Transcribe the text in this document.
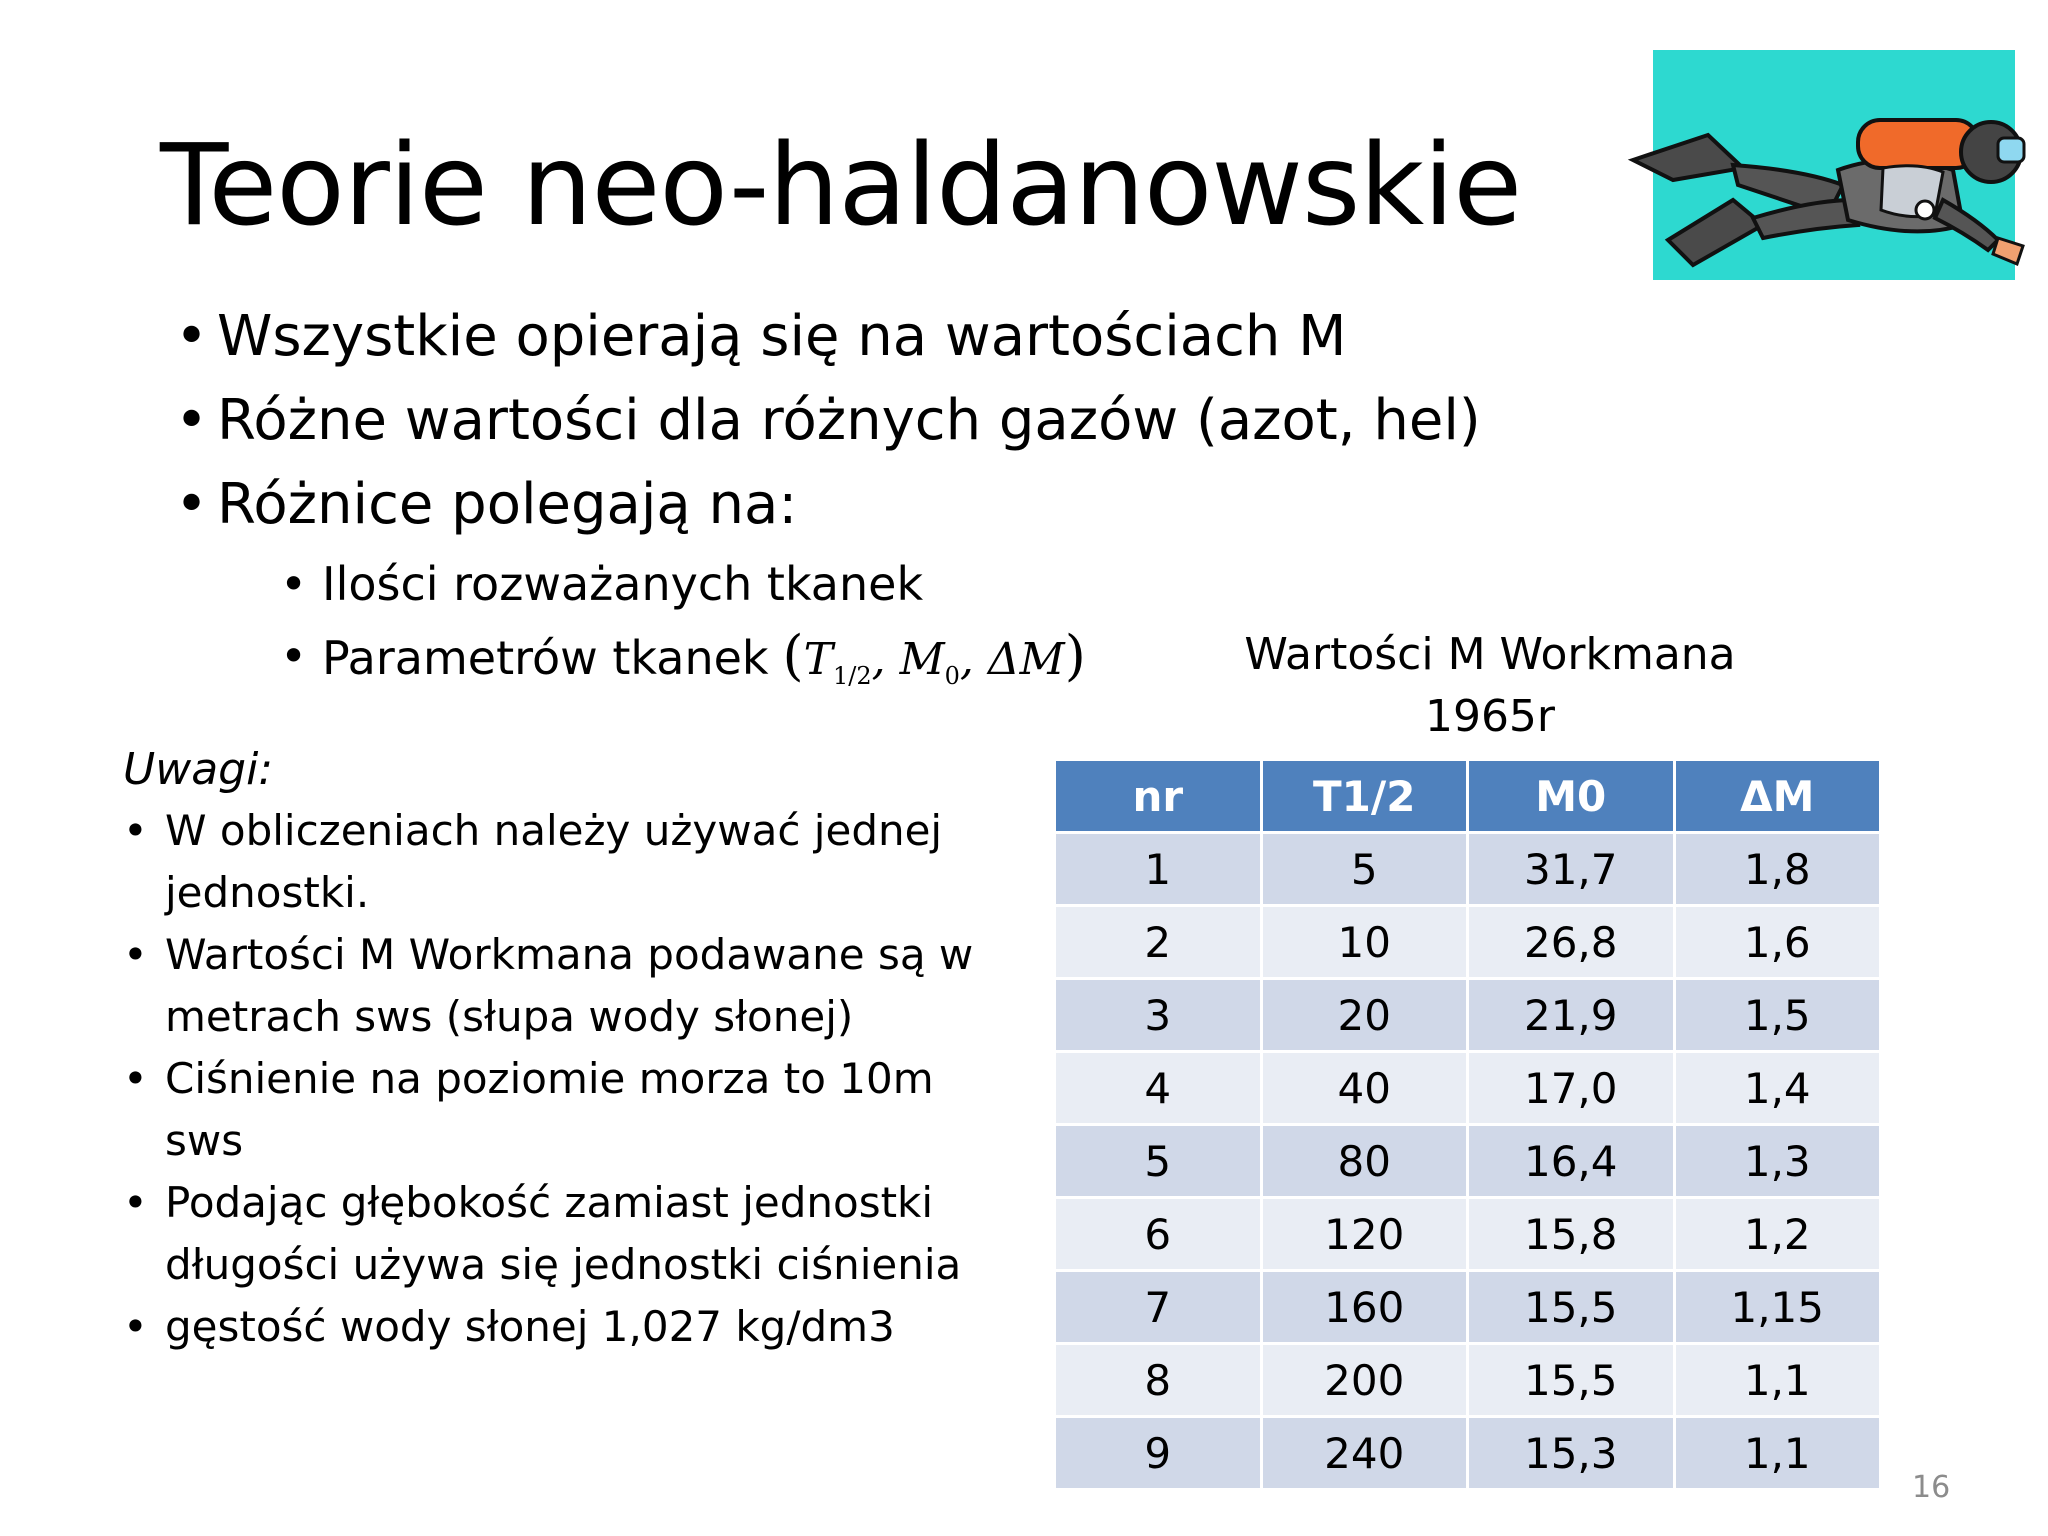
Teorie neo-haldanowskie
• Wszystkie opierają się na wartościach M
• Różne wartości dla różnych gazów (azot, hel)
• Różnice polegają na:
• Ilości rozważanych tkanek
• Parametrów tkanek ($T_{1/2}$, $M_0$, ΔM)
Uwagi:
• W obliczeniach należy używać jednej jednostki.
• Wartości M Workmana podawane są w metrach sws (słupa wody słonej)
• Ciśnienie na poziomie morza to 10m sws
• Podając głębokość zamiast jednostki długości używa się jednostki ciśnienia
• gęstość wody słonej 1,027 kg/dm3
Wartości M Workmana
1965r
nr	T1/2	M0	ΔM
1	5	31,7	1,8
2	10	26,8	1,6
3	20	21,9	1,5
4	40	17,0	1,4
5	80	16,4	1,3
6	120	15,8	1,2
7	160	15,5	1,15
8	200	15,5	1,1
9	240	15,3	1,1
16
